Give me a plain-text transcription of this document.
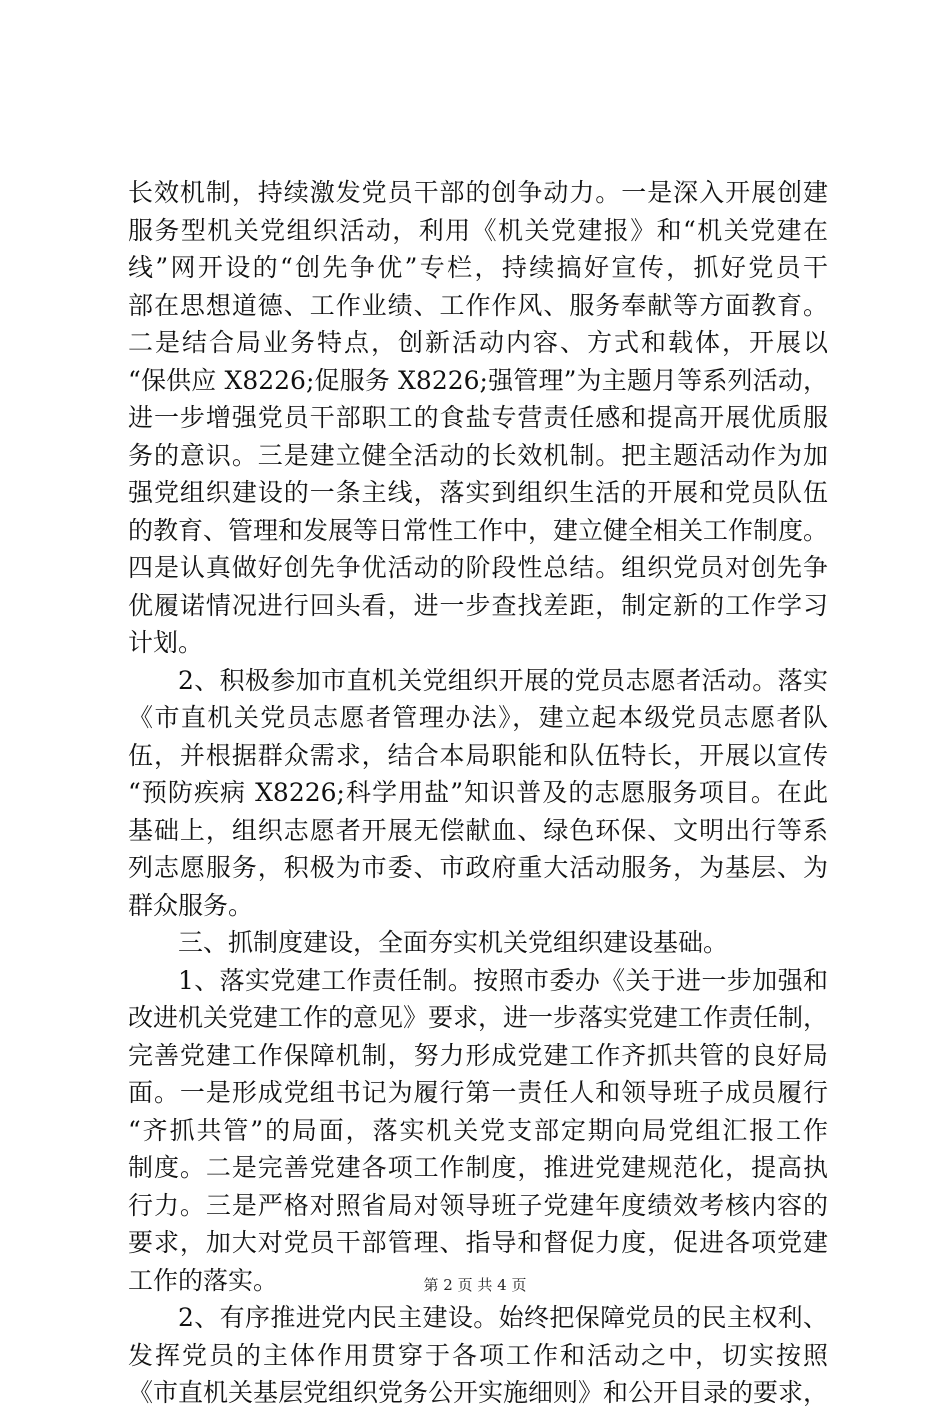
长效机制，持续激发党员干部的创争动力。一是深入开展创建
服务型机关党组织活动，利用《机关党建报》和“机关党建在
线”网开设的“创先争优”专栏，持续搞好宣传，抓好党员干
部在思想道德、工作业绩、工作作风、服务奉献等方面教育。
二是结合局业务特点，创新活动内容、方式和载体，开展以
“保供应 X8226;促服务 X8226;强管理”为主题月等系列活动，
进一步增强党员干部职工的食盐专营责任感和提高开展优质服
务的意识。三是建立健全活动的长效机制。把主题活动作为加
强党组织建设的一条主线，落实到组织生活的开展和党员队伍
的教育、管理和发展等日常性工作中，建立健全相关工作制度。
四是认真做好创先争优活动的阶段性总结。组织党员对创先争
优履诺情况进行回头看，进一步查找差距，制定新的工作学习
计划。
2、积极参加市直机关党组织开展的党员志愿者活动。落实
《市直机关党员志愿者管理办法》，建立起本级党员志愿者队
伍，并根据群众需求，结合本局职能和队伍特长，开展以宣传
“预防疾病 X8226;科学用盐”知识普及的志愿服务项目。在此
基础上，组织志愿者开展无偿献血、绿色环保、文明出行等系
列志愿服务，积极为市委、市政府重大活动服务，为基层、为
群众服务。
三、抓制度建设，全面夯实机关党组织建设基础。
1、落实党建工作责任制。按照市委办《关于进一步加强和
改进机关党建工作的意见》要求，进一步落实党建工作责任制，
完善党建工作保障机制，努力形成党建工作齐抓共管的良好局
面。一是形成党组书记为履行第一责任人和领导班子成员履行
“齐抓共管”的局面，落实机关党支部定期向局党组汇报工作
制度。二是完善党建各项工作制度，推进党建规范化，提高执
行力。三是严格对照省局对领导班子党建年度绩效考核内容的
要求，加大对党员干部管理、指导和督促力度，促进各项党建
工作的落实。
2、有序推进党内民主建设。始终把保障党员的民主权利、
发挥党员的主体作用贯穿于各项工作和活动之中，切实按照
《市直机关基层党组织党务公开实施细则》和公开目录的要求，
第 2 页 共 4 页
